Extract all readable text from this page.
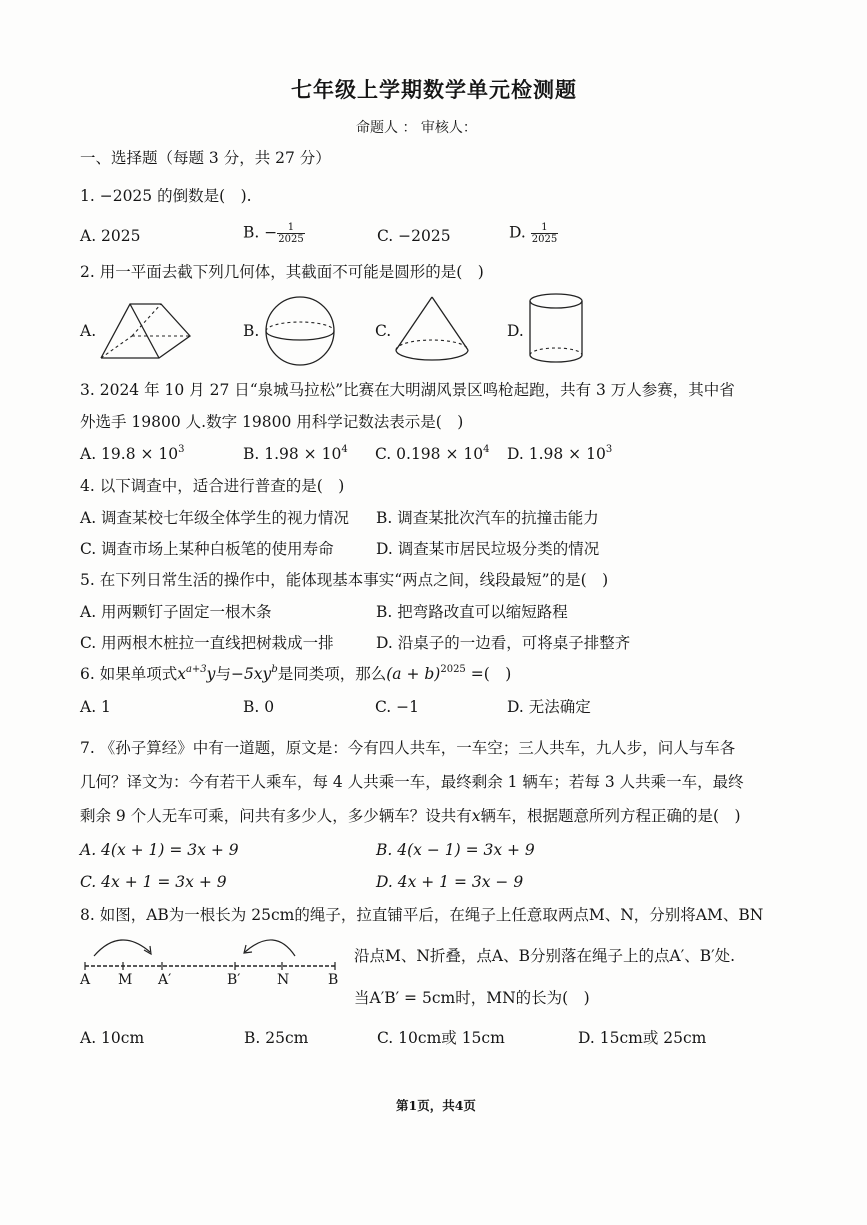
七年级上学期数学单元检测题
命题人 ： 审核人：
一、选择题（每题 3 分，共 27 分）
1. −2025 的倒数是(　).
A. 2025	B. − $\frac{1}{2025}$	C. −2025	D. $\frac{1}{2025}$
2. 用一平面去截下列几何体，其截面不可能是圆形的是(　)
A.	B.	C.	D.
3. 2024 年 10 月 27 日“泉城马拉松”比赛在大明湖风景区鸣枪起跑，共有 3 万人参赛，其中省
外选手 19800 人.数字 19800 用科学记数法表示是(　)
A. $19.8 \times 10^3$	B. $1.98 \times 10^4$ C. $0.198 \times 10^4$ D. $1.98 \times 10^3$
4. 以下调查中，适合进行普查的是(　)
A. 调查某校七年级全体学生的视力情况 B. 调查某批次汽车的抗撞击能力
C. 调查市场上某种白板笔的使用寿命	D. 调查某市居民垃圾分类的情况
5. 在下列日常生活的操作中，能体现基本事实“两点之间，线段最短”的是(　)
A. 用两颗钉子固定一根木条	B. 把弯路改直可以缩短路程
C. 用两根木桩拉一直线把树栽成一排	D. 沿桌子的一边看，可将桌子排整齐
6. 如果单项式$x^{a+3}y$与$-5xy^b$是同类项，那么$(a + b)^{2025}$ =(　)
A. 1	B. 0	C. −1	D. 无法确定
7. 《孙子算经》中有一道题，原文是：今有四人共车，一车空；三人共车，九人步，问人与车各
几何？译文为：今有若干人乘车，每 4 人共乘一车，最终剩余 1 辆车；若每 3 人共乘一车，最终
剩余 9 个人无车可乘，问共有多少人，多少辆车？设共有x辆车，根据题意所列方程正确的是(　)
A. 4(x + 1) = 3x + 9	B. 4(x − 1) = 3x + 9
C. 4x + 1 = 3x + 9	D. 4x + 1 = 3x − 9
8. 如图，AB为一根长为 25cm的绳子，拉直铺平后，在绳子上任意取两点M、N，分别将AM、BN
沿点M、N折叠，点A、B分别落在绳子上的点A′、B′处.
当A′B′ = 5cm时，MN的长为(　)
A M A′	B′	N	B
A. 10cm	B. 25cm	C. 10cm或 15cm	D. 15cm或 25cm
第1页，共4页
